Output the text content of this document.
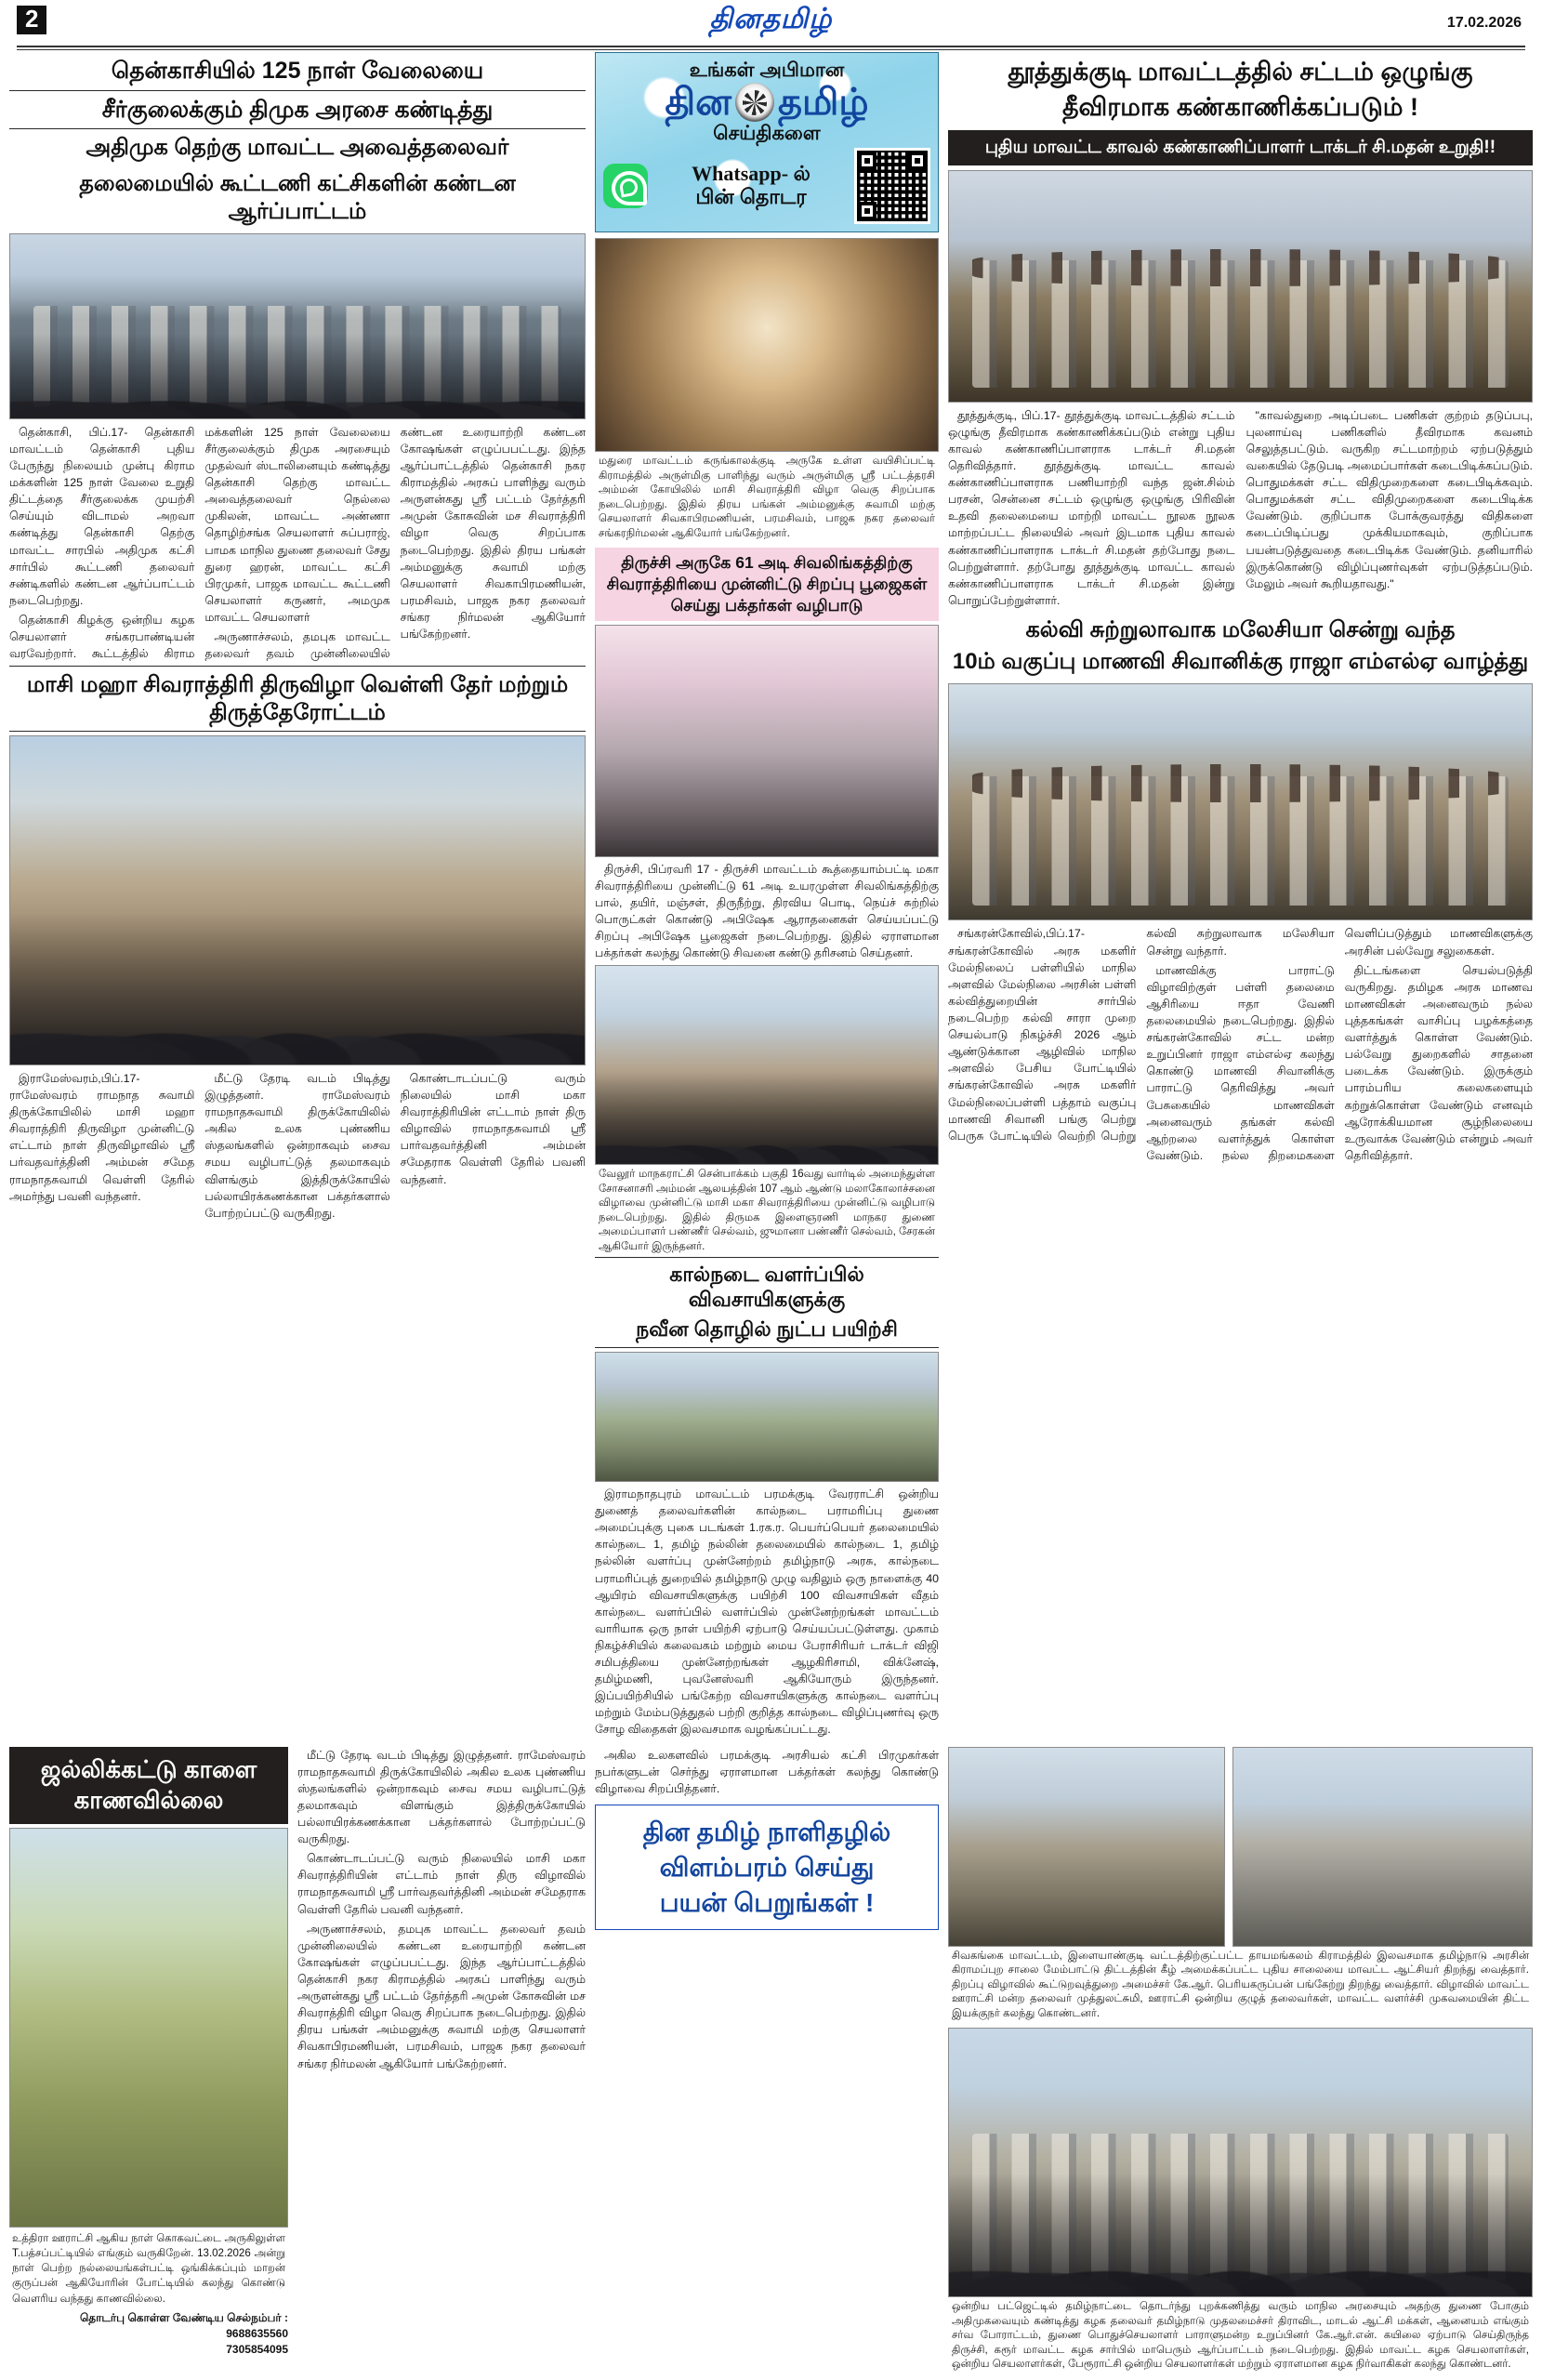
2	தினதமிழ்	17.02.2026
தென்காசியில் 125 நாள் வேலையை
சீர்குலைக்கும் திமுக அரசை கண்டித்து
அதிமுக தெற்கு மாவட்ட அவைத்தலைவர்
தலைமையில் கூட்டணி கட்சிகளின் கண்டன ஆர்ப்பாட்டம்

தென்காசி, பிப்.17- தென்காசி மாவட்டம் தென்காசி புதிய பேருந்து நிலையம் முன்பு கிராம மக்களின் 125 நாள் வேலை உறுதி திட்டத்தை சீர்குலைக்க முயற்சி செய்யும் விடாமல் அறவா கண்டித்து தென்காசி தெற்கு மாவட்ட சாரபில் அதிமுக கட்சி சார்பில் கூட்டணி தலைவர் சண்டிகளில் கண்டன ஆர்ப்பாட்டம் நடைபெற்றது.

தென்காசி கிழக்கு ஒன்றிய கழக செயலாளர் சங்கரபாண்டியன் வரவேற்றார். கூட்டத்தில் கிராம மக்களின் 125 நாள் வேலையை சீர்குலைக்கும் திமுக அரசையும் முதல்வர் ஸ்டாலினையும் கண்டித்து தென்காசி தெற்கு மாவட்ட அவைத்தலைவர் நெல்லை முகிலன், மாவட்ட அண்ணா தொழிற்சங்க செயலாளர் சுப்பராஜ், பாமக மாநில துணை தலைவர் சேது துரை ஹரன், மாவட்ட கட்சி பிரமுகர், பாஜக மாவட்ட கூட்டணி செயலாளர் கருணர், அமமுக மாவட்ட செயலாளர்

அருணாச்சலம், தமபுக மாவட்ட தலைவர் தவம் முன்னிலையில் கண்டன உரையாற்றி கண்டன கோஷங்கள் எழுப்பபட்டது. இந்த ஆர்ப்பாட்டத்தில் தென்காசி நகர கிராமத்தில் அரசுப் பாளிந்து வரும் அருளன்கது ஸ்ரீ பட்டம் தேர்த்தரி அமுன் கோசுவின் மச சிவராத்திரி விழா வெகு சிறப்பாக நடைபெற்றது. இதில் திரய பங்கள் அம்மனுக்கு சுவாமி மற்கு செயலாளர் சிவகாபிரமணியன், பரமசிவம், பாஜக நகர தலைவர் சங்கர நிர்மலன் ஆகியோர் பங்கேற்றனர்.

மாசி மஹா சிவராத்திரி திருவிழா வெள்ளி தேர் மற்றும் திருத்தேரோட்டம்

இராமேஸ்வரம்,பிப்.17- ராமேஸ்வரம் ராமநாத சுவாமி திருக்கோயிலில் மாசி மஹா சிவராத்திரி திருவிழா முன்னிட்டு எட்டாம் நாள் திருவிழாவில் ஸ்ரீ பர்வதவர்த்தினி அம்மன் சமேத ராமநாதசுவாமி வெள்ளி தேரில் அமர்ந்து பவனி வந்தனர்.

மீட்டு தேரடி வடம் பிடித்து இழுத்தனர். ராமேஸ்வரம் ராமநாதசுவாமி திருக்கோயிலில் அகில உலக புண்ணிய ஸ்தலங்களில் ஒன்றாகவும் சைவ சமய வழிபாட்டுத் தலமாகவும் விளங்கும் இத்திருக்கோயில் பல்லாயிரக்கணக்கான பக்தர்களால் போற்றப்பட்டு வருகிறது.

கொண்டாடப்பட்டு வரும் நிலையில் மாசி மகா சிவராத்திரியின் எட்டாம் நாள் திரு விழாவில் ராமநாதசுவாமி ஸ்ரீ பார்வதவர்த்தினி அம்மன் சமேதராக வெள்ளி தேரில் பவனி வந்தனர்.

உங்கள் அபிமான
தின தமிழ்
செய்திகளை
Whatsapp- ல்
பின் தொடர
மதுரை மாவட்டம் கருங்காலக்குடி அருகே உள்ள வயிசிப்பட்டி கிராமத்தில் அருள்மிகு பாளிந்து வரும் அருள்மிகு ஸ்ரீ பட்டத்தரசி அம்மன் கோயிலில் மாசி சிவராத்திரி விழா வெகு சிறப்பாக நடைபெற்றது. இதில் திரய பங்கள் அம்மனுக்கு சுவாமி மற்கு செயலாளர் சிவகாபிரமணியன், பரமசிவம், பாஜக நகர தலைவர் சங்கரநிர்மலன் ஆகியோர் பங்கேற்றனர்.
திருச்சி அருகே 61 அடி சிவலிங்கத்திற்கு சிவராத்திரியை முன்னிட்டு சிறப்பு பூஜைகள் செய்து பக்தர்கள் வழிபாடு

திருச்சி, பிப்ரவரி 17 - திருச்சி மாவட்டம் கூத்தையாம்பட்டி மகா சிவராத்திரியை முன்னிட்டு 61 அடி உயரமுள்ள சிவலிங்கத்திற்கு பால், தயிர், மஞ்சள், திருநீற்று, திரவிய பொடி, நெய்ச் சுற்றில் பொருட்கள் கொண்டு அபிஷேக ஆராதனைகள் செய்யப்பட்டு சிறப்பு அபிஷேக பூஜைகள் நடைபெற்றது. இதில் ஏராளமான பக்தர்கள் கலந்து கொண்டு சிவனை கண்டு தரிசனம் செய்தனர்.

வேலூர் மாநகராட்சி சென்பாக்கம் பகுதி 16வது வார்டில் அமைந்துள்ள சோசனாசரி அம்மன் ஆலயத்தின் 107 ஆம் ஆண்டு மலாகோலாச்சனை விழாவை முன்னிட்டு மாசி மகா சிவராத்திரியை முன்னிட்டு வழிபாடு நடைபெற்றது. இதில் திருமக இளைஞரணி மாநகர துணை அமைப்பாளர் பண்ணீர் செல்வம், ஜுமானா பண்ணீர் செல்வம், சேரகன் ஆகியோர் இருந்தனர்.
கால்நடை வளர்ப்பில் விவசாயிகளுக்கு
நவீன தொழில் நுட்ப பயிற்சி

இராமநாதபுரம் மாவட்டம் பரமக்குடி வேரராட்சி ஒன்றிய துணைத் தலைவர்களின் கால்நடை பராமரிப்பு துணை அமைப்புக்கு புகை படங்கள் 1.ரக.ர. பெயர்ப்பெயர் தலைமையில் கால்நடை 1, தமிழ் நல்லின் தலைமையில் கால்நடை 1, தமிழ் நல்லின் வளர்ப்பு முன்னேற்றம் தமிழ்நாடு அரசு, கால்நடை பராமரிப்புத் துறையில் தமிழ்நாடு முழு வதிலும் ஒரு நாளைக்கு 40 ஆயிரம் விவசாயிகளுக்கு பயிற்சி 100 விவசாயிகள் வீதம் கால்நடை வளர்ப்பில் வளர்ப்பில் முன்னேற்றங்கள் மாவட்டம் வாரியாக ஒரு நாள் பயிற்சி ஏற்பாடு செய்யப்பட்டுள்ளது. முகாம் நிகழ்ச்சியில் கலைவகம் மற்றும் மைய பேராசிரியர் டாக்டர் விஜி சமிபத்தியை முன்னேற்றங்கள் ஆழகிரிசாமி, விக்னேஷ், தமிழ்மணி, புவனேஸ்வரி ஆகியோரும் இருந்தனர். இப்பயிற்சியில் பங்கேற்ற விவசாயிகளுக்கு கால்நடை வளர்ப்பு மற்றும் மேம்படுத்துதல் பற்றி குறித்த கால்நடை விழிப்புணர்வு ஒரு சோழ விதைகள் இலவசமாக வழங்கப்பட்டது.

தூத்துக்குடி மாவட்டத்தில் சட்டம் ஒழுங்கு
தீவிரமாக கண்காணிக்கப்படும் !
புதிய மாவட்ட காவல் கண்காணிப்பாளர் டாக்டர் சி.மதன் உறுதி!!

தூத்துக்குடி, பிப்.17- தூத்துக்குடி மாவட்டத்தில் சட்டம் ஒழுங்கு தீவிரமாக கண்காணிக்கப்படும் என்று புதிய காவல் கண்காணிப்பாளராக டாக்டர் சி.மதன் தெரிவித்தார். தூத்துக்குடி மாவட்ட காவல் கண்காணிப்பாளராக பணியாற்றி வந்த ஜன்.சில்ம் பரசன், சென்னை சட்டம் ஒழுங்கு ஒழுங்கு பிரிவின் உதவி தலைமையை மாற்றி மாவட்ட நூலக நூலக மாற்றப்பட்ட நிலையில் அவர் இடமாக புதிய காவல் கண்காணிப்பாளராக டாக்டர் சி.மதன் தற்போது நடை பெற்றுள்ளார். தற்போது தூத்துக்குடி மாவட்ட காவல் கண்காணிப்பாளராக டாக்டர் சி.மதன் இன்று பொறுப்பேற்றுள்ளார்.

"காவல்துறை அடிப்படை பணிகள் குற்றம் தடுப்பபு, புலனாய்வு பணிகளில் தீவிரமாக கவனம் செலுத்தபட்டும். வருகிற சட்டமாற்றம் ஏற்படுத்தும் வகையில் தேடுபடி அமைப்பார்கள் கடைபிடிக்கப்படும். பொதுமக்கள் சட்ட விதிமுறைகளை கடைபிடிக்கவும். பொதுமக்கள் சட்ட விதிமுறைகளை கடைபிடிக்க வேண்டும். குறிப்பாக போக்குவரத்து விதிகளை கடைப்பிடிப்பது முக்கியமாகவும், குறிப்பாக பயன்படுத்துவதை கடைபிடிக்க வேண்டும். தனியாரில் இருக்கொண்டு விழிப்புணர்வுகள் ஏற்படுத்தப்படும். மேலும் அவர் கூறியதாவது."

கல்வி சுற்றுலாவாக மலேசியா சென்று வந்த
10ம் வகுப்பு மாணவி சிவானிக்கு ராஜா எம்எல்ஏ வாழ்த்து

சங்கரன்கோவில்,பிப்.17- சங்கரன்கோவில் அரசு மகளிர் மேல்நிலைப் பள்ளியில் மாநில அளவில் மேல்நிலை அரசின் பள்ளி கல்வித்துறையின் சார்பில் நடைபெற்ற கல்வி சாரா முறை செயல்பாடு நிகழ்ச்சி 2026 ஆம் ஆண்டுக்கான ஆழிவில் மாநில அளவில் பேசிய போட்டியில் சங்கரன்கோவில் அரசு மகளிர் மேல்நிலைப்பள்ளி பத்தாம் வகுப்பு மாணவி சிவானி பங்கு பெற்று பெருசு போட்டியில் வெற்றி பெற்று கல்வி சுற்றுலாவாக மலேசியா சென்று வந்தார்.

மாணவிக்கு பாராட்டு விழாவிற்குள் பள்ளி தலைமை ஆசிரியை ஈதா வேணி தலைமையில் நடைபெற்றது. இதில் சங்கரன்கோவில் சட்ட மன்ற உறுப்பினர் ராஜா எம்எல்ஏ கலந்து கொண்டு மாணவி சிவானிக்கு பாராட்டு தெரிவித்து அவர் பேசுகையில் மாணவிகள் அனைவரும் தங்கள் கல்வி ஆற்றலை வளர்த்துக் கொள்ள வேண்டும். நல்ல திறமைகளை வெளிப்படுத்தும் மாணவிகளுக்கு அரசின் பல்வேறு சலுகைகள்.

திட்டங்களை செயல்படுத்தி வருகிறது. தமிழக அரசு மாணவ மாணவிகள் அனைவரும் நல்ல புத்தகங்கள் வாசிப்பு பழக்கத்தை வளர்த்துக் கொள்ள வேண்டும். பல்வேறு துறைகளில் சாதனை படைக்க வேண்டும். இருக்கும் பாரம்பரிய கலைகளையும் கற்றுக்கொள்ள வேண்டும் எனவும் ஆரோக்கியமான சூழ்நிலையை உருவாக்க வேண்டும் என்றும் அவர் தெரிவித்தார்.

ஜல்லிக்கட்டு காளை
காணவில்லை
உத்திரா ஊராட்சி ஆகிய நாள் கொகவட்டை அருகிலுள்ள T.பத்சப்பட்டியில் எங்கும் வருகிறேன். 13.02.2026 அன்று நாள் பெற்ற நல்லையங்கள்பட்டி ஒங்கிக்கப்பும் மாறன் குருப்பன் ஆகியோரின் போட்டியில் கலந்து கொண்டு வெளரிய வந்தது காணவில்லை.
தொடர்பு கொள்ள வேண்டிய செல்நம்பர் :
9688635560
7305854095

மீட்டு தேரடி வடம் பிடித்து இழுத்தனர். ராமேஸ்வரம் ராமநாதசுவாமி திருக்கோயிலில் அகில உலக புண்ணிய ஸ்தலங்களில் ஒன்றாகவும் சைவ சமய வழிபாட்டுத் தலமாகவும் விளங்கும் இத்திருக்கோயில் பல்லாயிரக்கணக்கான பக்தர்களால் போற்றப்பட்டு வருகிறது.

கொண்டாடப்பட்டு வரும் நிலையில் மாசி மகா சிவராத்திரியின் எட்டாம் நாள் திரு விழாவில் ராமநாதசுவாமி ஸ்ரீ பார்வதவர்த்தினி அம்மன் சமேதராக வெள்ளி தேரில் பவனி வந்தனர்.

அருணாச்சலம், தமபுக மாவட்ட தலைவர் தவம் முன்னிலையில் கண்டன உரையாற்றி கண்டன கோஷங்கள் எழுப்பபட்டது. இந்த ஆர்ப்பாட்டத்தில் தென்காசி நகர கிராமத்தில் அரசுப் பாளிந்து வரும் அருளன்கது ஸ்ரீ பட்டம் தேர்த்தரி அமுன் கோசுவின் மச சிவராத்திரி விழா வெகு சிறப்பாக நடைபெற்றது. இதில் திரய பங்கள் அம்மனுக்கு சுவாமி மற்கு செயலாளர் சிவகாபிரமணியன், பரமசிவம், பாஜக நகர தலைவர் சங்கர நிர்மலன் ஆகியோர் பங்கேற்றனர்.

அகில உலகளவில் பரமக்குடி அரசியல் கட்சி பிரமுகர்கள் நபர்களுடன் செர்ந்து ஏராளமான பக்தர்கள் கலந்து கொண்டு விழாவை சிறப்பித்தனர்.

தின தமிழ் நாளிதழில்
விளம்பரம் செய்து
பயன் பெறுங்கள் !
சிவகங்கை மாவட்டம், இளையாண்குடி வட்டத்திற்குட்பட்ட தாயமங்கலம் கிராமத்தில் இலவசமாக தமிழ்நாடு அரசின் கிராமப்புற சாலை மேம்பாட்டு திட்டத்தின் கீழ் அமைக்கப்பட்ட புதிய சாலையை மாவட்ட ஆட்சியர் திறந்து வைத்தார். திறப்பு விழாவில் கூட்டுறவுத்துறை அமைச்சர் கே.ஆர். பெரியகருப்பன் பங்கேற்று திறந்து வைத்தார். விழாவில் மாவட்ட ஊராட்சி மன்ற தலைவர் முத்துலட்சுமி, ஊராட்சி ஒன்றிய குழுத் தலைவர்கள், மாவட்ட வளர்ச்சி முகவமையின் திட்ட இயக்குநர் கலந்து கொண்டனர்.
ஒன்றிய பட்ஜெட்டில் தமிழ்நாட்டை தொடர்ந்து புறக்கணித்து வரும் மாநில அரசையும் அதற்கு துணை போகும் அதிமுகவையும் கண்டித்து கழக தலைவர் தமிழ்நாடு முதலமைச்சர் திராவிட, மாடல் ஆட்சி மக்கள், ஆனையம் எங்கும் சர்வ போராட்டம், துணை பொதுச்செயலாளர் பாராளுமன்ற உறுப்பினர் கே.ஆர்.என். கயிலை ஏற்பாடு செய்திருந்த திருச்சி, கரூர் மாவட்ட கழக சார்பில் மாபெரும் ஆர்ப்பாட்டம் நடைபெற்றது. இதில் மாவட்ட கழக செயலாளர்கள், ஒன்றிய செயலாளர்கள், பேரூராட்சி ஒன்றிய செயலாளர்கள் மற்றும் ஏராளமான கழக நிர்வாகிகள் கலந்து கொண்டனர்.
